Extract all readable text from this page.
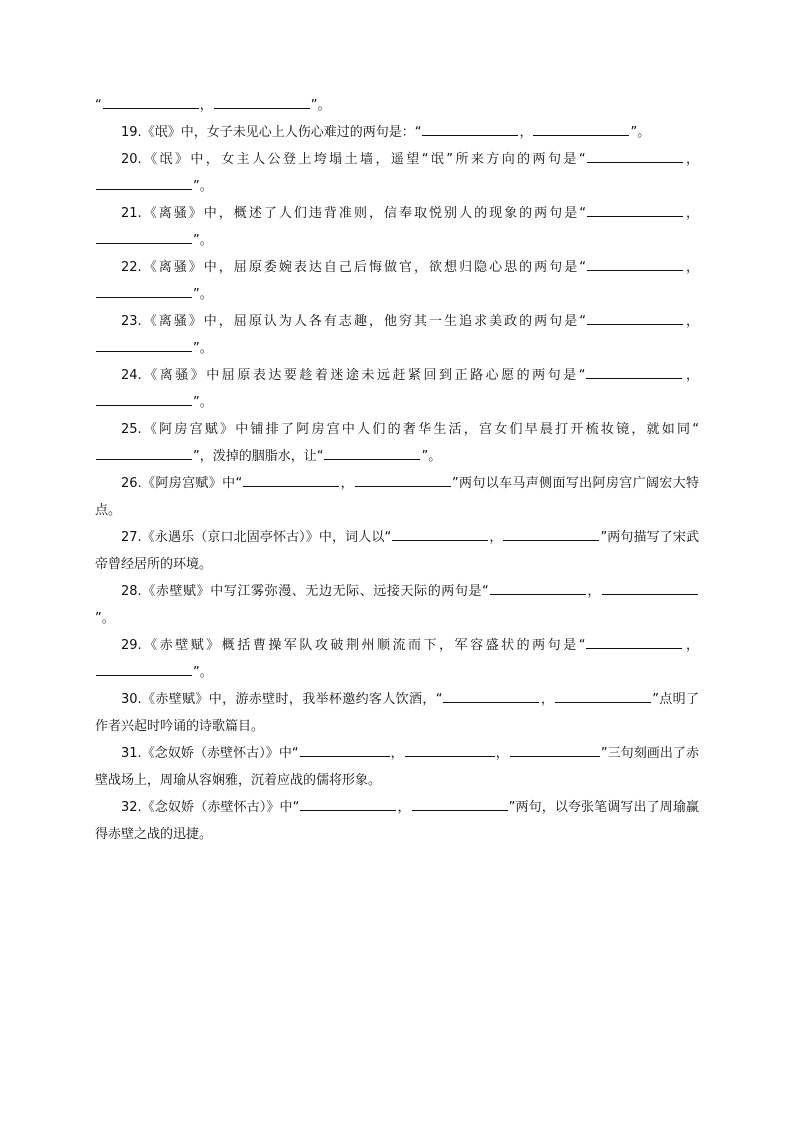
“	，	”。

19.《氓》中，女子未见心上人伤心难过的两句是：“	，	”。

20.《氓》中，女主人公登上垮塌土墙，遥望“氓”所来方向的两句是“	，”。

21.《离骚》中，概述了人们违背准则，信奉取悦别人的现象的两句是“	，”。

22.《离骚》中，屈原委婉表达自己后悔做官，欲想归隐心思的两句是“	，”。

23.《离骚》中，屈原认为人各有志趣，他穷其一生追求美政的两句是“	，”。

24.《离骚》中屈原表达要趁着迷途未远赶紧回到正路心愿的两句是“	，”。

25.《阿房宫赋》中铺排了阿房宫中人们的奢华生活，宫女们早晨打开梳妆镜，就如同“”，泼掉的胭脂水，让“	”。

26.《阿房宫赋》中“	，	”两句以车马声侧面写出阿房宫广阔宏大特点。

27.《永遇乐（京口北固亭怀古）》中，词人以“	，	”两句描写了宋武帝曾经居所的环境。

28.《赤壁赋》中写江雾弥漫、无边无际、远接天际的两句是“	，”。

29.《赤壁赋》概括曹操军队攻破荆州顺流而下，军容盛状的两句是“	，”。

30.《赤壁赋》中，游赤壁时，我举杯邀约客人饮酒，“	，	”点明了作者兴起时吟诵的诗歌篇目。

31.《念奴娇（赤壁怀古）》中“	，	，	”三句刻画出了赤壁战场上，周瑜从容娴雅，沉着应战的儒将形象。

32.《念奴娇（赤壁怀古）》中“	，	”两句，以夸张笔调写出了周瑜赢得赤壁之战的迅捷。
